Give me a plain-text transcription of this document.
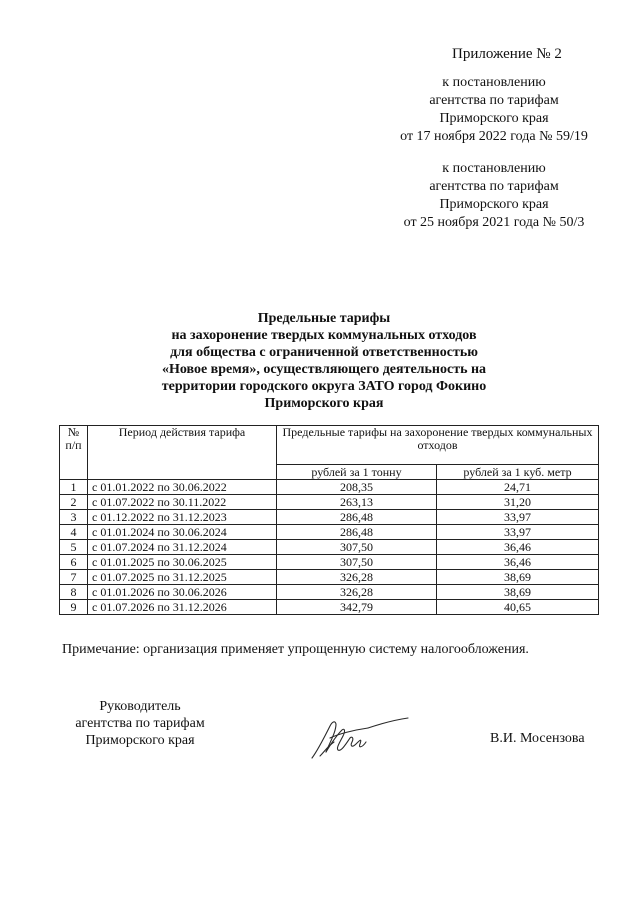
Приложение № 2
к постановлению
агентства по тарифам
Приморского края
от 17 ноября 2022 года № 59/19
к постановлению
агентства по тарифам
Приморского края
от 25 ноября 2021 года № 50/3
Предельные тарифы
на захоронение твердых коммунальных отходов
для общества с ограниченной ответственностью
«Новое время», осуществляющего деятельность на
территории городского округа ЗАТО город Фокино
Приморского края
№
п/п	Период действия тарифа	Предельные тарифы на захоронение твердых коммунальных отходов	
		рублей за 1 тонну	рублей за 1 куб. метр
1	с 01.01.2022 по 30.06.2022	208,35	24,71
2	с 01.07.2022 по 30.11.2022	263,13	31,20
3	с 01.12.2022 по 31.12.2023	286,48	33,97
4	с 01.01.2024 по 30.06.2024	286,48	33,97
5	с 01.07.2024 по 31.12.2024	307,50	36,46
6	с 01.01.2025 по 30.06.2025	307,50	36,46
7	с 01.07.2025 по 31.12.2025	326,28	38,69
8	с 01.01.2026 по 30.06.2026	326,28	38,69
9	с 01.07.2026 по 31.12.2026	342,79	40,65
Примечание: организация применяет упрощенную систему налогообложения.
Руководитель
агентства по тарифам
Приморского края	В.И. Мосензова
